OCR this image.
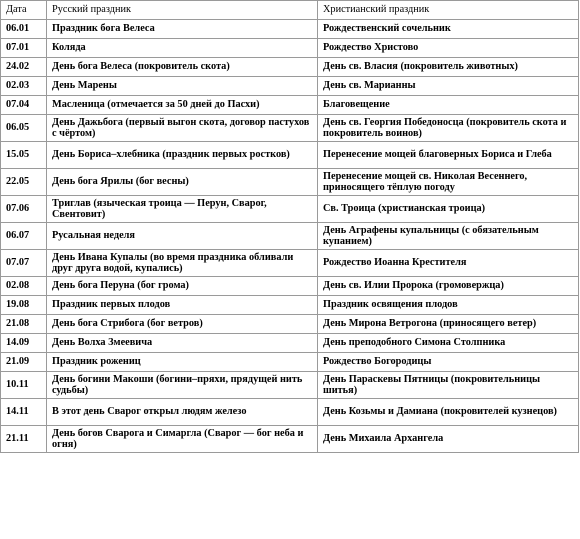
Дата	Русский праздник	Христианский праздник
06.01	Праздник бога Велеса	Рождественский сочельник
07.01	Коляда	Рождество Христово
24.02	День бога Велеса (покровитель скота)	День св. Власия (покровитель животных)
02.03	День Марены	День св. Марианны
07.04	Масленица (отмечается за 50 дней до Пасхи)	Благовещение
06.05	День Дажьбога (первый выгон скота, договор пастухов с чёртом)	День св. Георгия Победоносца (покровитель скота и покровитель воинов)
15.05	День Бориса–хлебника (праздник первых ростков)	Перенесение мощей благоверных Бориса и Глеба
22.05	День бога Ярилы (бог весны)	Перенесение мощей св. Николая Весеннего, приносящего тёплую погоду
07.06	Триглав (языческая троица — Перун, Сварог, Свентовит)	Св. Троица (христианская троица)
06.07	Русальная неделя	День Аграфены купальницы (с обязательным купанием)
07.07	День Ивана Купалы (во время праздника обливали друг друга водой, купались)	Рождество Иоанна Крестителя
02.08	День бога Перуна (бог грома)	День св. Илии Пророка (громовержца)
19.08	Праздник первых плодов	Праздник освящения плодов
21.08	День бога Стрибога (бог ветров)	День Мирона Ветрогона (приносящего ветер)
14.09	День Волха Змеевича	День преподобного Симона Столпника
21.09	Праздник рожениц	Рождество Богородицы
10.11	День богини Макоши (богини–пряхи, прядущей нить судьбы)	День Параскевы Пятницы (покровительницы шитья)
14.11	В этот день Сварог открыл людям железо	День Козьмы и Дамиана (покровителей кузнецов)
21.11	День богов Сварога и Симаргла (Сварог — бог неба и огня)	День Михаила Архангела
